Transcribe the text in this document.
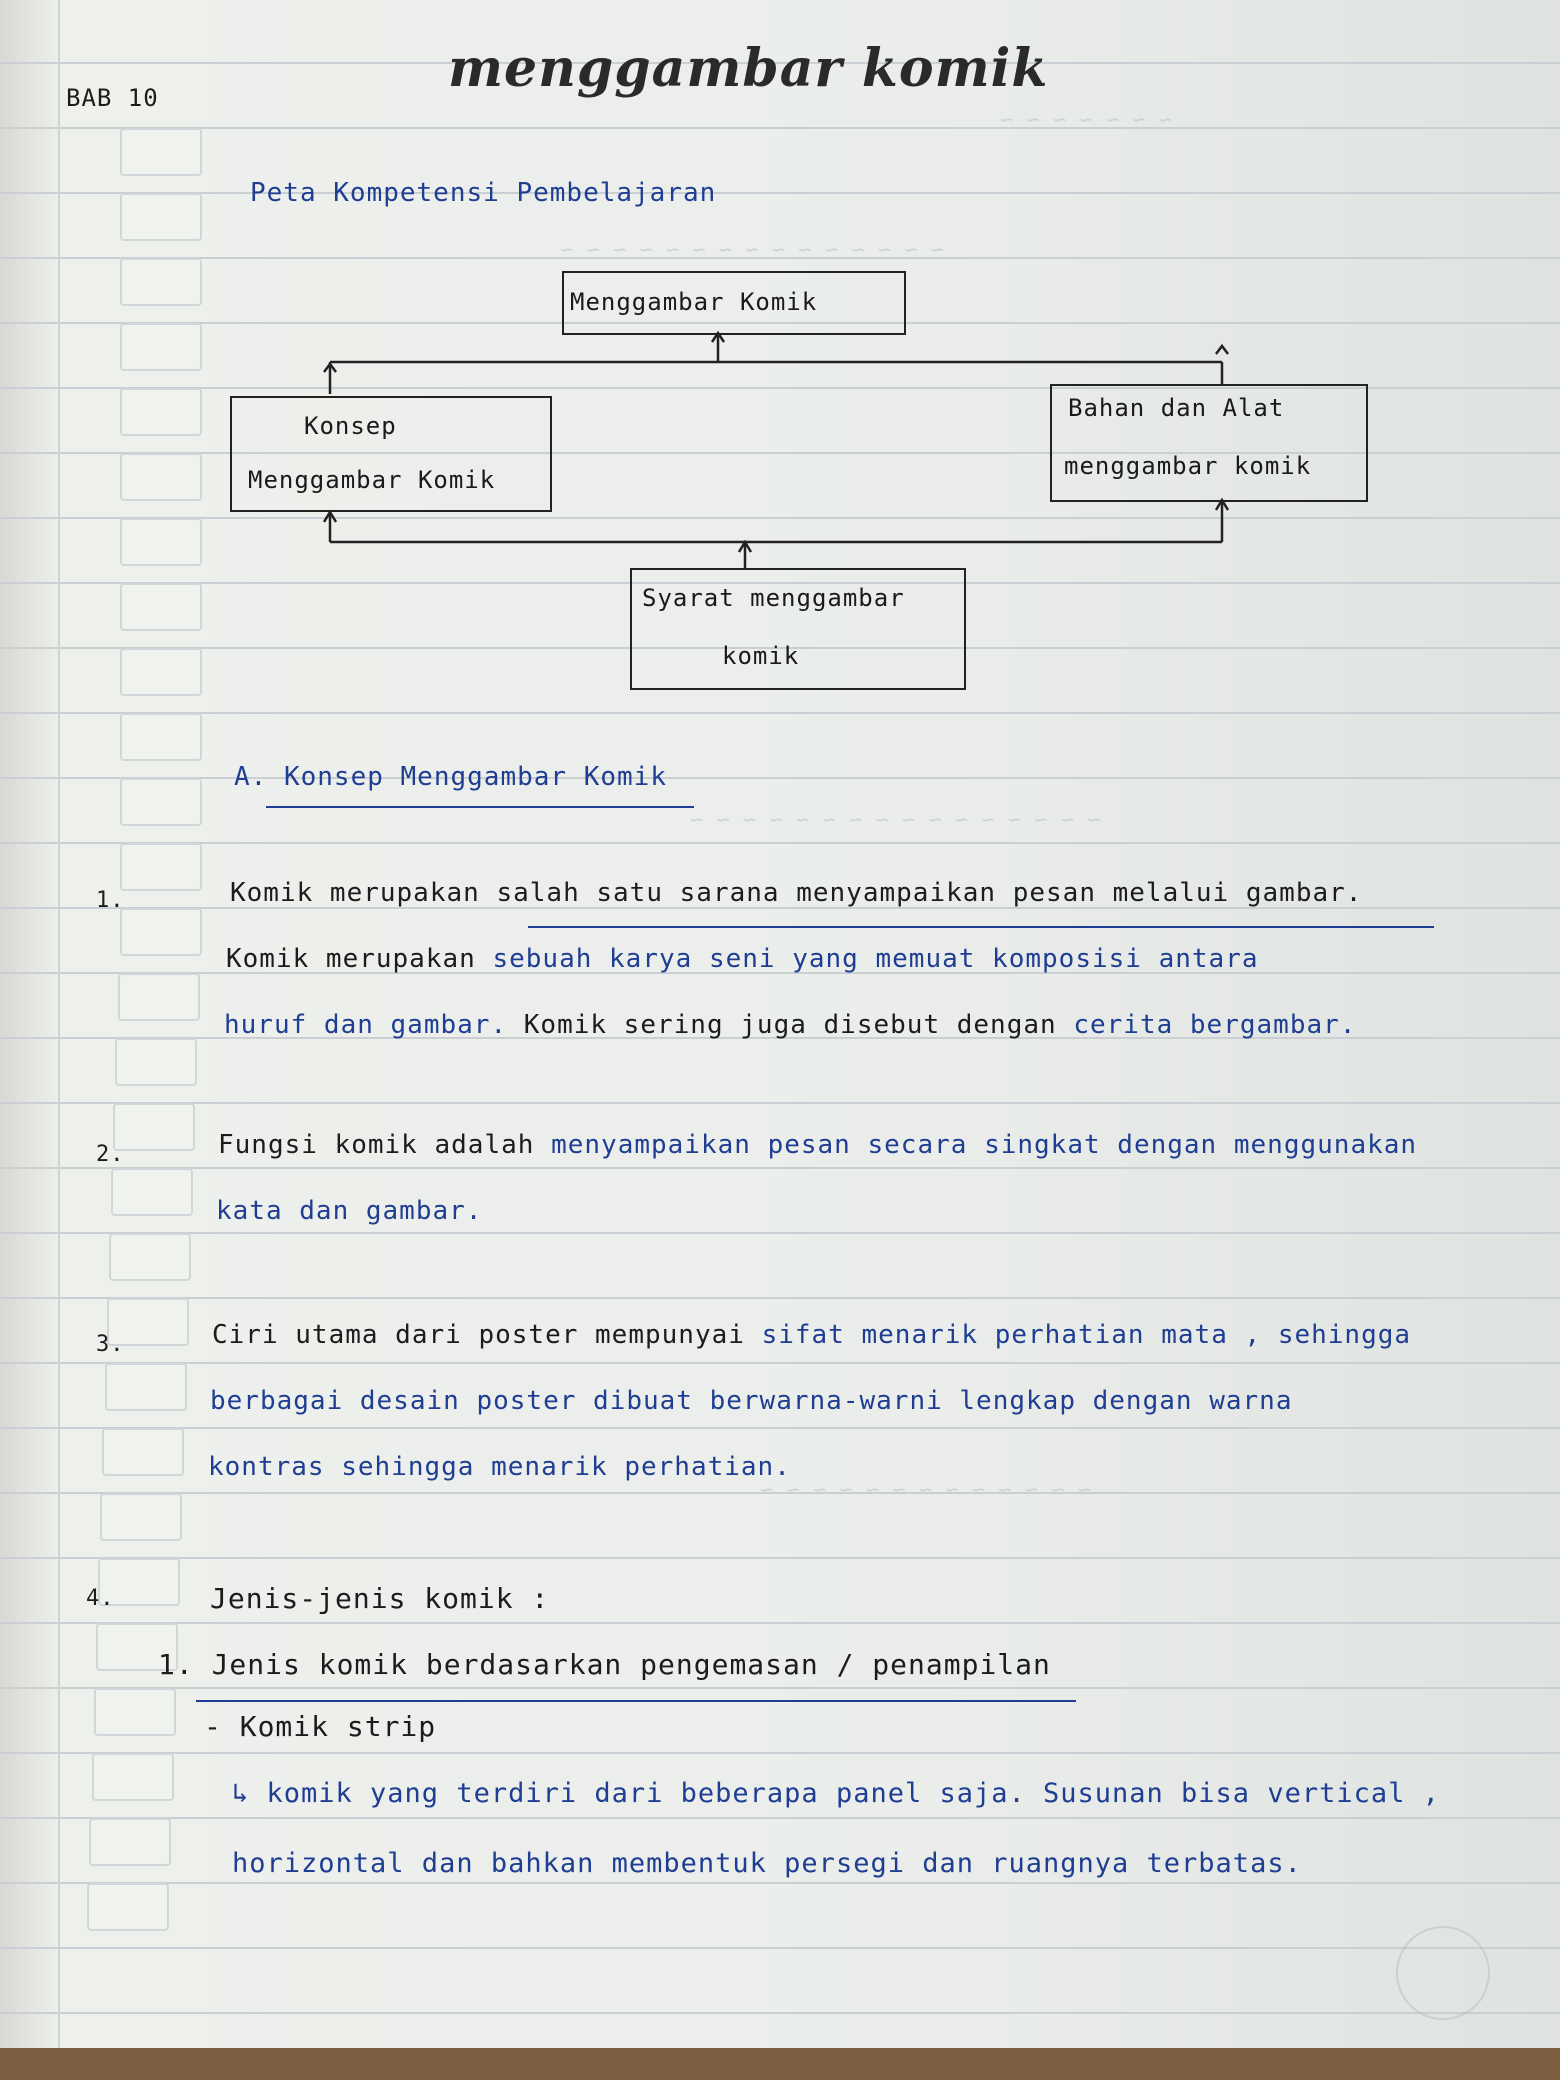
~ ~ ~ ~ ~ ~ ~
~ ~ ~ ~ ~ ~ ~ ~ ~ ~ ~ ~ ~ ~ ~
~ ~ ~ ~ ~ ~ ~ ~ ~ ~ ~ ~ ~ ~ ~ ~
~ ~ ~ ~ ~ ~ ~ ~ ~ ~ ~ ~ ~
BAB 10	menggambar komik
Peta Kompetensi Pembelajaran
Menggambar Komik
Konsep
Menggambar Komik
Bahan dan Alat
menggambar komik
Syarat menggambar
komik
A. Konsep Menggambar Komik
1.	Komik merupakan salah satu sarana menyampaikan pesan melalui gambar.
Komik merupakan sebuah karya seni yang memuat komposisi antara
huruf dan gambar. Komik sering juga disebut dengan cerita bergambar.
2.	Fungsi komik adalah menyampaikan pesan secara singkat dengan menggunakan
kata dan gambar.
3.	Ciri utama dari poster mempunyai sifat menarik perhatian mata , sehingga
berbagai desain poster dibuat berwarna-warni lengkap dengan warna
kontras sehingga menarik perhatian.
4.	Jenis-jenis komik :
1. Jenis komik berdasarkan pengemasan / penampilan
- Komik strip
↳ komik yang terdiri dari beberapa panel saja. Susunan bisa vertical ,
horizontal dan bahkan membentuk persegi dan ruangnya terbatas.
